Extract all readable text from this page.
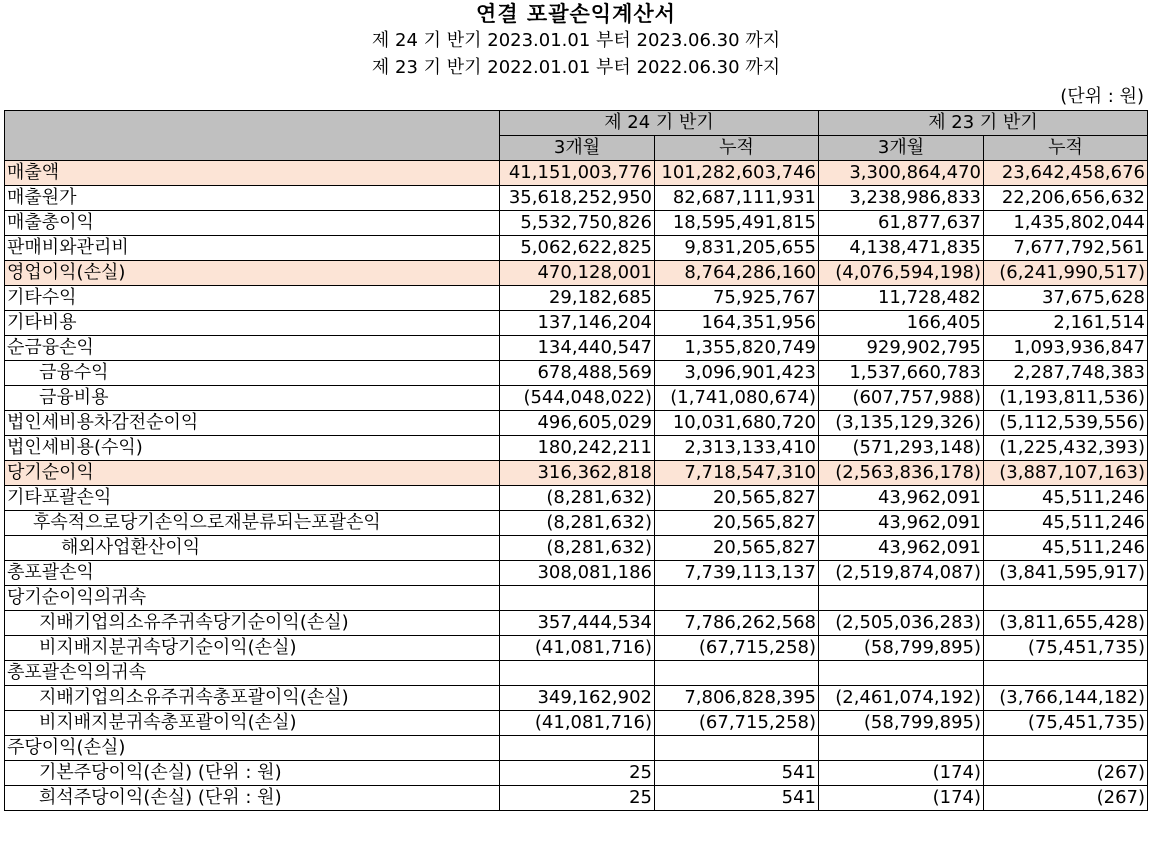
연결 포괄손익계산서
제 24 기 반기 2023.01.01 부터 2023.06.30 까지
제 23 기 반기 2022.01.01 부터 2022.06.30 까지
(단위 : 원)
	제 24 기 반기		제 23 기 반기	
	3개월	누적	3개월	누적
매출액	41,151,003,776	101,282,603,746	3,300,864,470	23,642,458,676
매출원가	35,618,252,950	82,687,111,931	3,238,986,833	22,206,656,632
매출총이익	5,532,750,826	18,595,491,815	61,877,637	1,435,802,044
판매비와관리비	5,062,622,825	9,831,205,655	4,138,471,835	7,677,792,561
영업이익(손실)	470,128,001	8,764,286,160	(4,076,594,198)	(6,241,990,517)
기타수익	29,182,685	75,925,767	11,728,482	37,675,628
기타비용	137,146,204	164,351,956	166,405	2,161,514
순금융손익	134,440,547	1,355,820,749	929,902,795	1,093,936,847
금융수익	678,488,569	3,096,901,423	1,537,660,783	2,287,748,383
금융비용	(544,048,022)	(1,741,080,674)	(607,757,988)	(1,193,811,536)
법인세비용차감전순이익	496,605,029	10,031,680,720	(3,135,129,326)	(5,112,539,556)
법인세비용(수익)	180,242,211	2,313,133,410	(571,293,148)	(1,225,432,393)
당기순이익	316,362,818	7,718,547,310	(2,563,836,178)	(3,887,107,163)
기타포괄손익	(8,281,632)	20,565,827	43,962,091	45,511,246
후속적으로당기손익으로재분류되는포괄손익	(8,281,632)	20,565,827	43,962,091	45,511,246
해외사업환산이익	(8,281,632)	20,565,827	43,962,091	45,511,246
총포괄손익	308,081,186	7,739,113,137	(2,519,874,087)	(3,841,595,917)
당기순이익의귀속				
지배기업의소유주귀속당기순이익(손실)	357,444,534	7,786,262,568	(2,505,036,283)	(3,811,655,428)
비지배지분귀속당기순이익(손실)	(41,081,716)	(67,715,258)	(58,799,895)	(75,451,735)
총포괄손익의귀속				
지배기업의소유주귀속총포괄이익(손실)	349,162,902	7,806,828,395	(2,461,074,192)	(3,766,144,182)
비지배지분귀속총포괄이익(손실)	(41,081,716)	(67,715,258)	(58,799,895)	(75,451,735)
주당이익(손실)				
기본주당이익(손실) (단위 : 원)	25	541	(174)	(267)
희석주당이익(손실) (단위 : 원)	25	541	(174)	(267)
